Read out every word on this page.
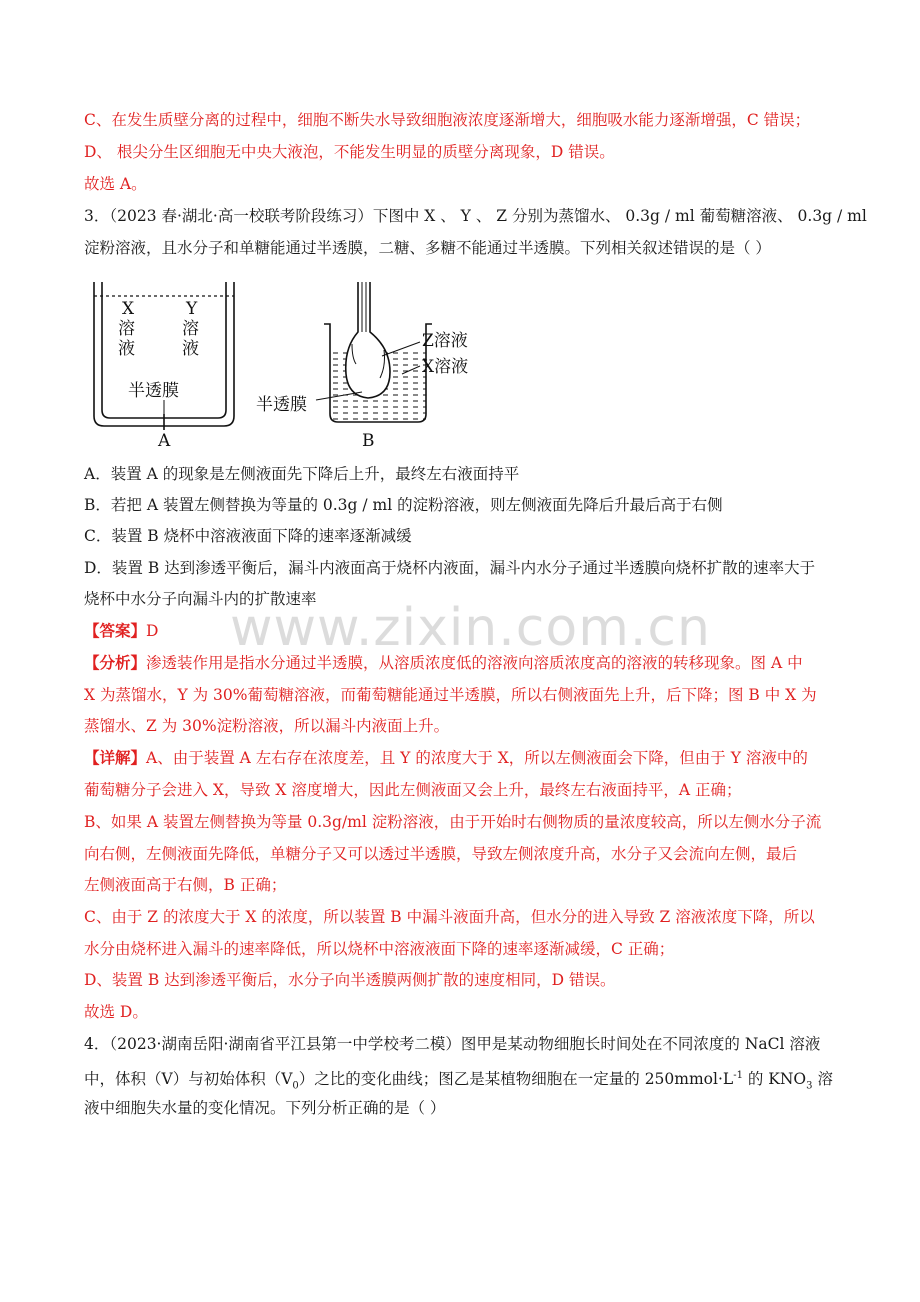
C、在发生质壁分离的过程中，细胞不断失水导致细胞液浓度逐渐增大，细胞吸水能力逐渐增强，C 错误；
D、 根尖分生区细胞无中央大液泡，不能发生明显的质壁分离现象，D 错误。
故选 A。
3．（2023 春·湖北·高一校联考阶段练习）下图中 X 、 Y 、 Z 分别为蒸馏水、 0.3g / ml 葡萄糖溶液、 0.3g / ml
淀粉溶液，且水分子和单糖能通过半透膜，二糖、多糖不能通过半透膜。下列相关叙述错误的是（ ）
X
溶
液
Y
溶
液
半透膜
A
Z溶液
X溶液
半透膜
B
A．装置 A 的现象是左侧液面先下降后上升，最终左右液面持平
B．若把 A 装置左侧替换为等量的 0.3g / ml 的淀粉溶液，则左侧液面先降后升最后高于右侧
C．装置 B 烧杯中溶液液面下降的速率逐渐减缓
D．装置 B 达到渗透平衡后，漏斗内液面高于烧杯内液面，漏斗内水分子通过半透膜向烧杯扩散的速率大于
烧杯中水分子向漏斗内的扩散速率
【答案】D
【分析】渗透装作用是指水分通过半透膜，从溶质浓度低的溶液向溶质浓度高的溶液的转移现象。图 A 中
X 为蒸馏水，Y 为 30%葡萄糖溶液，而葡萄糖能通过半透膜，所以右侧液面先上升，后下降；图 B 中 X 为
蒸馏水、Z 为 30%淀粉溶液，所以漏斗内液面上升。
【详解】A、由于装置 A 左右存在浓度差，且 Y 的浓度大于 X，所以左侧液面会下降，但由于 Y 溶液中的
葡萄糖分子会进入 X，导致 X 溶度增大，因此左侧液面又会上升，最终左右液面持平，A 正确；
B、如果 A 装置左侧替换为等量 0.3g/ml 淀粉溶液，由于开始时右侧物质的量浓度较高，所以左侧水分子流
向右侧，左侧液面先降低，单糖分子又可以透过半透膜，导致左侧浓度升高，水分子又会流向左侧，最后
左侧液面高于右侧，B 正确；
C、由于 Z 的浓度大于 X 的浓度，所以装置 B 中漏斗液面升高，但水分的进入导致 Z 溶液浓度下降，所以
水分由烧杯进入漏斗的速率降低，所以烧杯中溶液液面下降的速率逐渐减缓，C 正确；
D、装置 B 达到渗透平衡后，水分子向半透膜两侧扩散的速度相同，D 错误。
故选 D。
4．（2023·湖南岳阳·湖南省平江县第一中学校考二模）图甲是某动物细胞长时间处在不同浓度的 NaCl 溶液
中，体积（V）与初始体积$(V_0)$之比的变化曲线；图乙是某植物细胞在一定量的 $250mmol\cdot L^{-1}$ 的 $KNO_3$ 溶
液中细胞失水量的变化情况。下列分析正确的是（ ）
www.zixin.com.cn
